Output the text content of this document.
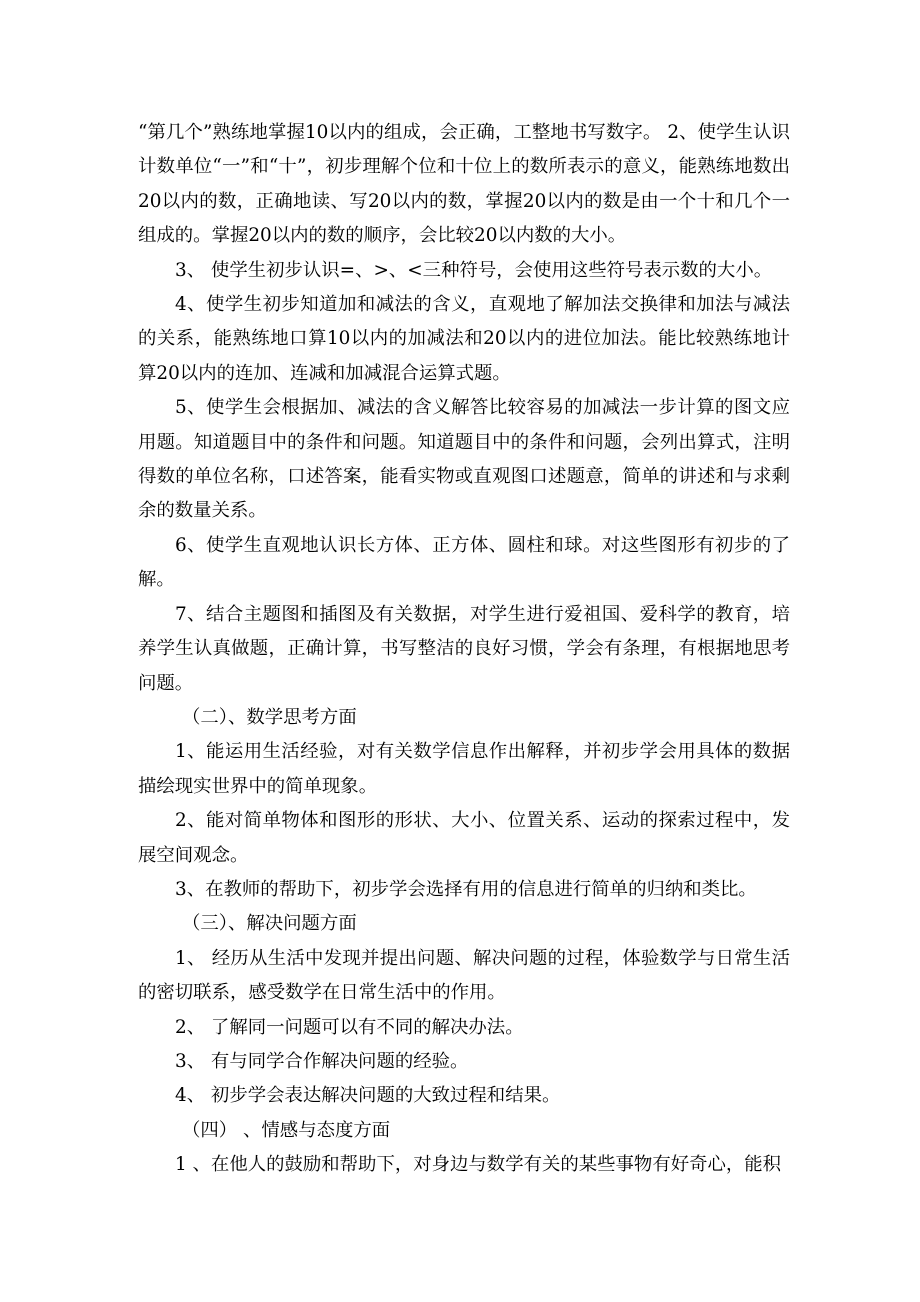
“第几个”熟练地掌握10以内的组成，会正确，工整地书写数字。 2、使学生认识计数单位“一”和“十”，初步理解个位和十位上的数所表示的意义，能熟练地数出20以内的数，正确地读、写20以内的数，掌握20以内的数是由一个十和几个一组成的。掌握20以内的数的顺序，会比较20以内数的大小。

3、 使学生初步认识=、>、<三种符号，会使用这些符号表示数的大小。

4、使学生初步知道加和减法的含义，直观地了解加法交换律和加法与减法的关系，能熟练地口算10以内的加减法和20以内的进位加法。能比较熟练地计算20以内的连加、连减和加减混合运算式题。

5、使学生会根据加、减法的含义解答比较容易的加减法一步计算的图文应用题。知道题目中的条件和问题。知道题目中的条件和问题，会列出算式，注明得数的单位名称，口述答案，能看实物或直观图口述题意，简单的讲述和与求剩余的数量关系。

6、使学生直观地认识长方体、正方体、圆柱和球。对这些图形有初步的了解。

7、结合主题图和插图及有关数据，对学生进行爱祖国、爱科学的教育，培养学生认真做题，正确计算，书写整洁的良好习惯，学会有条理，有根据地思考问题。

（二）、数学思考方面

1、能运用生活经验，对有关数学信息作出解释，并初步学会用具体的数据描绘现实世界中的简单现象。

2、能对简单物体和图形的形状、大小、位置关系、运动的探索过程中，发展空间观念。

3、在教师的帮助下，初步学会选择有用的信息进行简单的归纳和类比。

（三）、解决问题方面

1、 经历从生活中发现并提出问题、解决问题的过程，体验数学与日常生活的密切联系，感受数学在日常生活中的作用。

2、 了解同一问题可以有不同的解决办法。

3、 有与同学合作解决问题的经验。

4、 初步学会表达解决问题的大致过程和结果。

（四） 、情感与态度方面

1 、在他人的鼓励和帮助下，对身边与数学有关的某些事物有好奇心，能积
